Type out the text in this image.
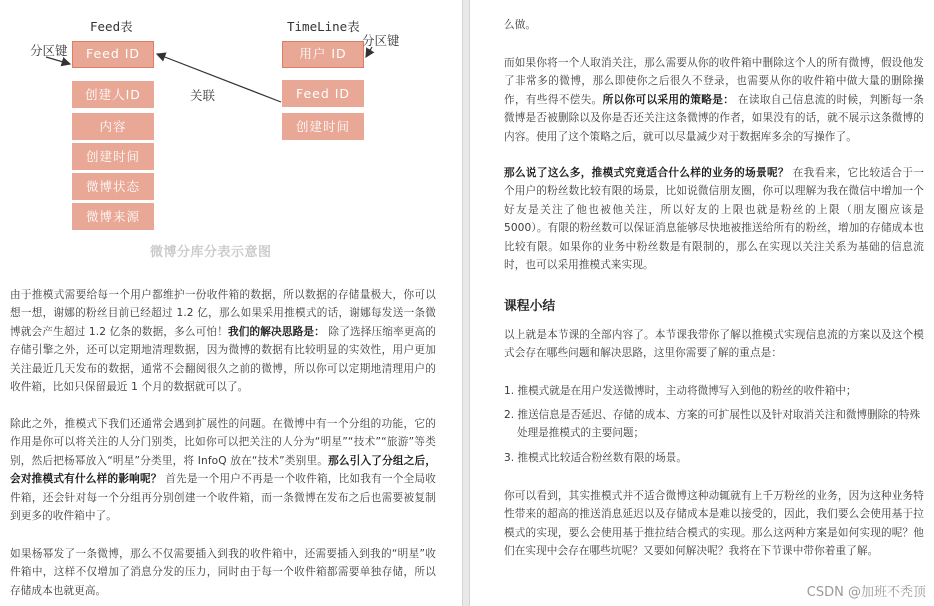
Feed表	TimeLine表
Feed ID
创建人ID
内容
创建时间
微博状态
微博来源
用户 ID
Feed ID
创建时间
分区键
分区键
关联
微博分库分表示意图

由于推模式需要给每一个用户都维护一份收件箱的数据，所以数据的存储量极大，你可以想一想，谢娜的粉丝目前已经超过 1.2 亿，那么如果采用推模式的话，谢娜每发送一条微博就会产生超过 1.2 亿条的数据，多么可怕！我们的解决思路是： 除了选择压缩率更高的存储引擎之外，还可以定期地清理数据，因为微博的数据有比较明显的实效性，用户更加关注最近几天发布的数据，通常不会翻阅很久之前的微博，所以你可以定期地清理用户的收件箱，比如只保留最近 1 个月的数据就可以了。

除此之外，推模式下我们还通常会遇到扩展性的问题。在微博中有一个分组的功能，它的作用是你可以将关注的人分门别类，比如你可以把关注的人分为“明星”“技术”“旅游”等类别，然后把杨幂放入“明星”分类里，将 InfoQ 放在“技术”类别里。那么引入了分组之后，会对推模式有什么样的影响呢？ 首先是一个用户不再是一个收件箱，比如我有一个全局收件箱，还会针对每一个分组再分别创建一个收件箱，而一条微博在发布之后也需要被复制到更多的收件箱中了。

如果杨幂发了一条微博，那么不仅需要插入到我的收件箱中，还需要插入到我的“明星”收件箱中，这样不仅增加了消息分发的压力，同时由于每一个收件箱都需要单独存储，所以存储成本也就更高。

么做。

而如果你将一个人取消关注，那么需要从你的收件箱中删除这个人的所有微博，假设他发了非常多的微博，那么即使你之后很久不登录，也需要从你的收件箱中做大量的删除操作，有些得不偿失。所以你可以采用的策略是： 在读取自己信息流的时候，判断每一条微博是否被删除以及你是否还关注这条微博的作者，如果没有的话，就不展示这条微博的内容。使用了这个策略之后，就可以尽量减少对于数据库多余的写操作了。

那么说了这么多，推模式究竟适合什么样的业务的场景呢？ 在我看来，它比较适合于一个用户的粉丝数比较有限的场景，比如说微信朋友圈，你可以理解为我在微信中增加一个好友是关注了他也被他关注，所以好友的上限也就是粉丝的上限（朋友圈应该是 5000）。有限的粉丝数可以保证消息能够尽快地被推送给所有的粉丝，增加的存储成本也比较有限。如果你的业务中粉丝数是有限制的，那么在实现以关注关系为基础的信息流时，也可以采用推模式来实现。

课程小结

以上就是本节课的全部内容了。本节课我带你了解以推模式实现信息流的方案以及这个模式会存在哪些问题和解决思路，这里你需要了解的重点是：

1. 推模式就是在用户发送微博时，主动将微博写入到他的粉丝的收件箱中；

2. 推送信息是否延迟、存储的成本、方案的可扩展性以及针对取消关注和微博删除的特殊

处理是推模式的主要问题；

3. 推模式比较适合粉丝数有限的场景。

你可以看到，其实推模式并不适合微博这种动辄就有上千万粉丝的业务，因为这种业务特性带来的超高的推送消息延迟以及存储成本是难以接受的，因此，我们要么会使用基于拉模式的实现，要么会使用基于推拉结合模式的实现。那么这两种方案是如何实现的呢？他们在实现中会存在哪些坑呢？又要如何解决呢？我将在下节课中带你着重了解。

CSDN @加班不秃顶
